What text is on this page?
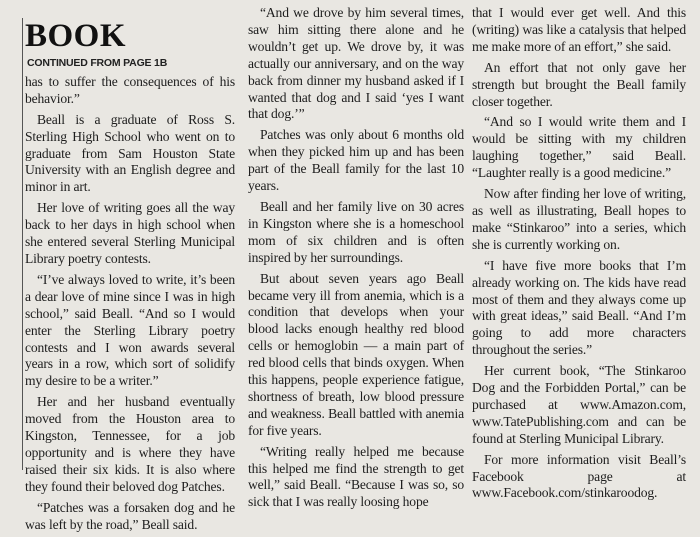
BOOK
CONTINUED FROM PAGE 1B

has to suffer the consequences of his behavior.”

Beall is a graduate of Ross S. Sterling High School who went on to graduate from Sam Houston State University with an English degree and minor in art.

Her love of writing goes all the way back to her days in high school when she entered several Sterling Municipal Library poetry contests.

“I’ve always loved to write, it’s been a dear love of mine since I was in high school,” said Beall. “And so I would enter the Sterling Library poetry contests and I won awards several years in a row, which sort of solidify my desire to be a writer.”

Her and her husband eventually moved from the Houston area to Kingston, Tennessee, for a job opportunity and is where they have raised their six kids. It is also where they found their beloved dog Patches.

“Patches was a forsaken dog and he was left by the road,” Beall said.

“And we drove by him several times, saw him sitting there alone and he wouldn’t get up. We drove by, it was actually our anniversary, and on the way back from dinner my husband asked if I wanted that dog and I said ‘yes I want that dog.’”

Patches was only about 6 months old when they picked him up and has been part of the Beall family for the last 10 years.

Beall and her family live on 30 acres in Kingston where she is a homeschool mom of six children and is often inspired by her surroundings.

But about seven years ago Beall became very ill from anemia, which is a condition that develops when your blood lacks enough healthy red blood cells or hemoglobin — a main part of red blood cells that binds oxygen. When this happens, people experience fatigue, shortness of breath, low blood pressure and weakness. Beall battled with anemia for five years.

“Writing really helped me because this helped me find the strength to get well,” said Beall. “Because I was so, so sick that I was really loosing hope

that I would ever get well. And this (writing) was like a catalysis that helped me make more of an effort,” she said.

An effort that not only gave her strength but brought the Beall family closer together.

“And so I would write them and I would be sitting with my children laughing together,” said Beall. “Laughter really is a good medicine.”

Now after finding her love of writing, as well as illustrating, Beall hopes to make “Stinkaroo” into a series, which she is currently working on.

“I have five more books that I’m already working on. The kids have read most of them and they always come up with great ideas,” said Beall. “And I’m going to add more characters throughout the series.”

Her current book, “The Stinkaroo Dog and the Forbidden Portal,” can be purchased at www.Amazon.com, www.TatePublishing.com and can be found at Sterling Municipal Library.

For more information visit Beall’s Facebook page at www.Facebook.com/stinkaroodog.
